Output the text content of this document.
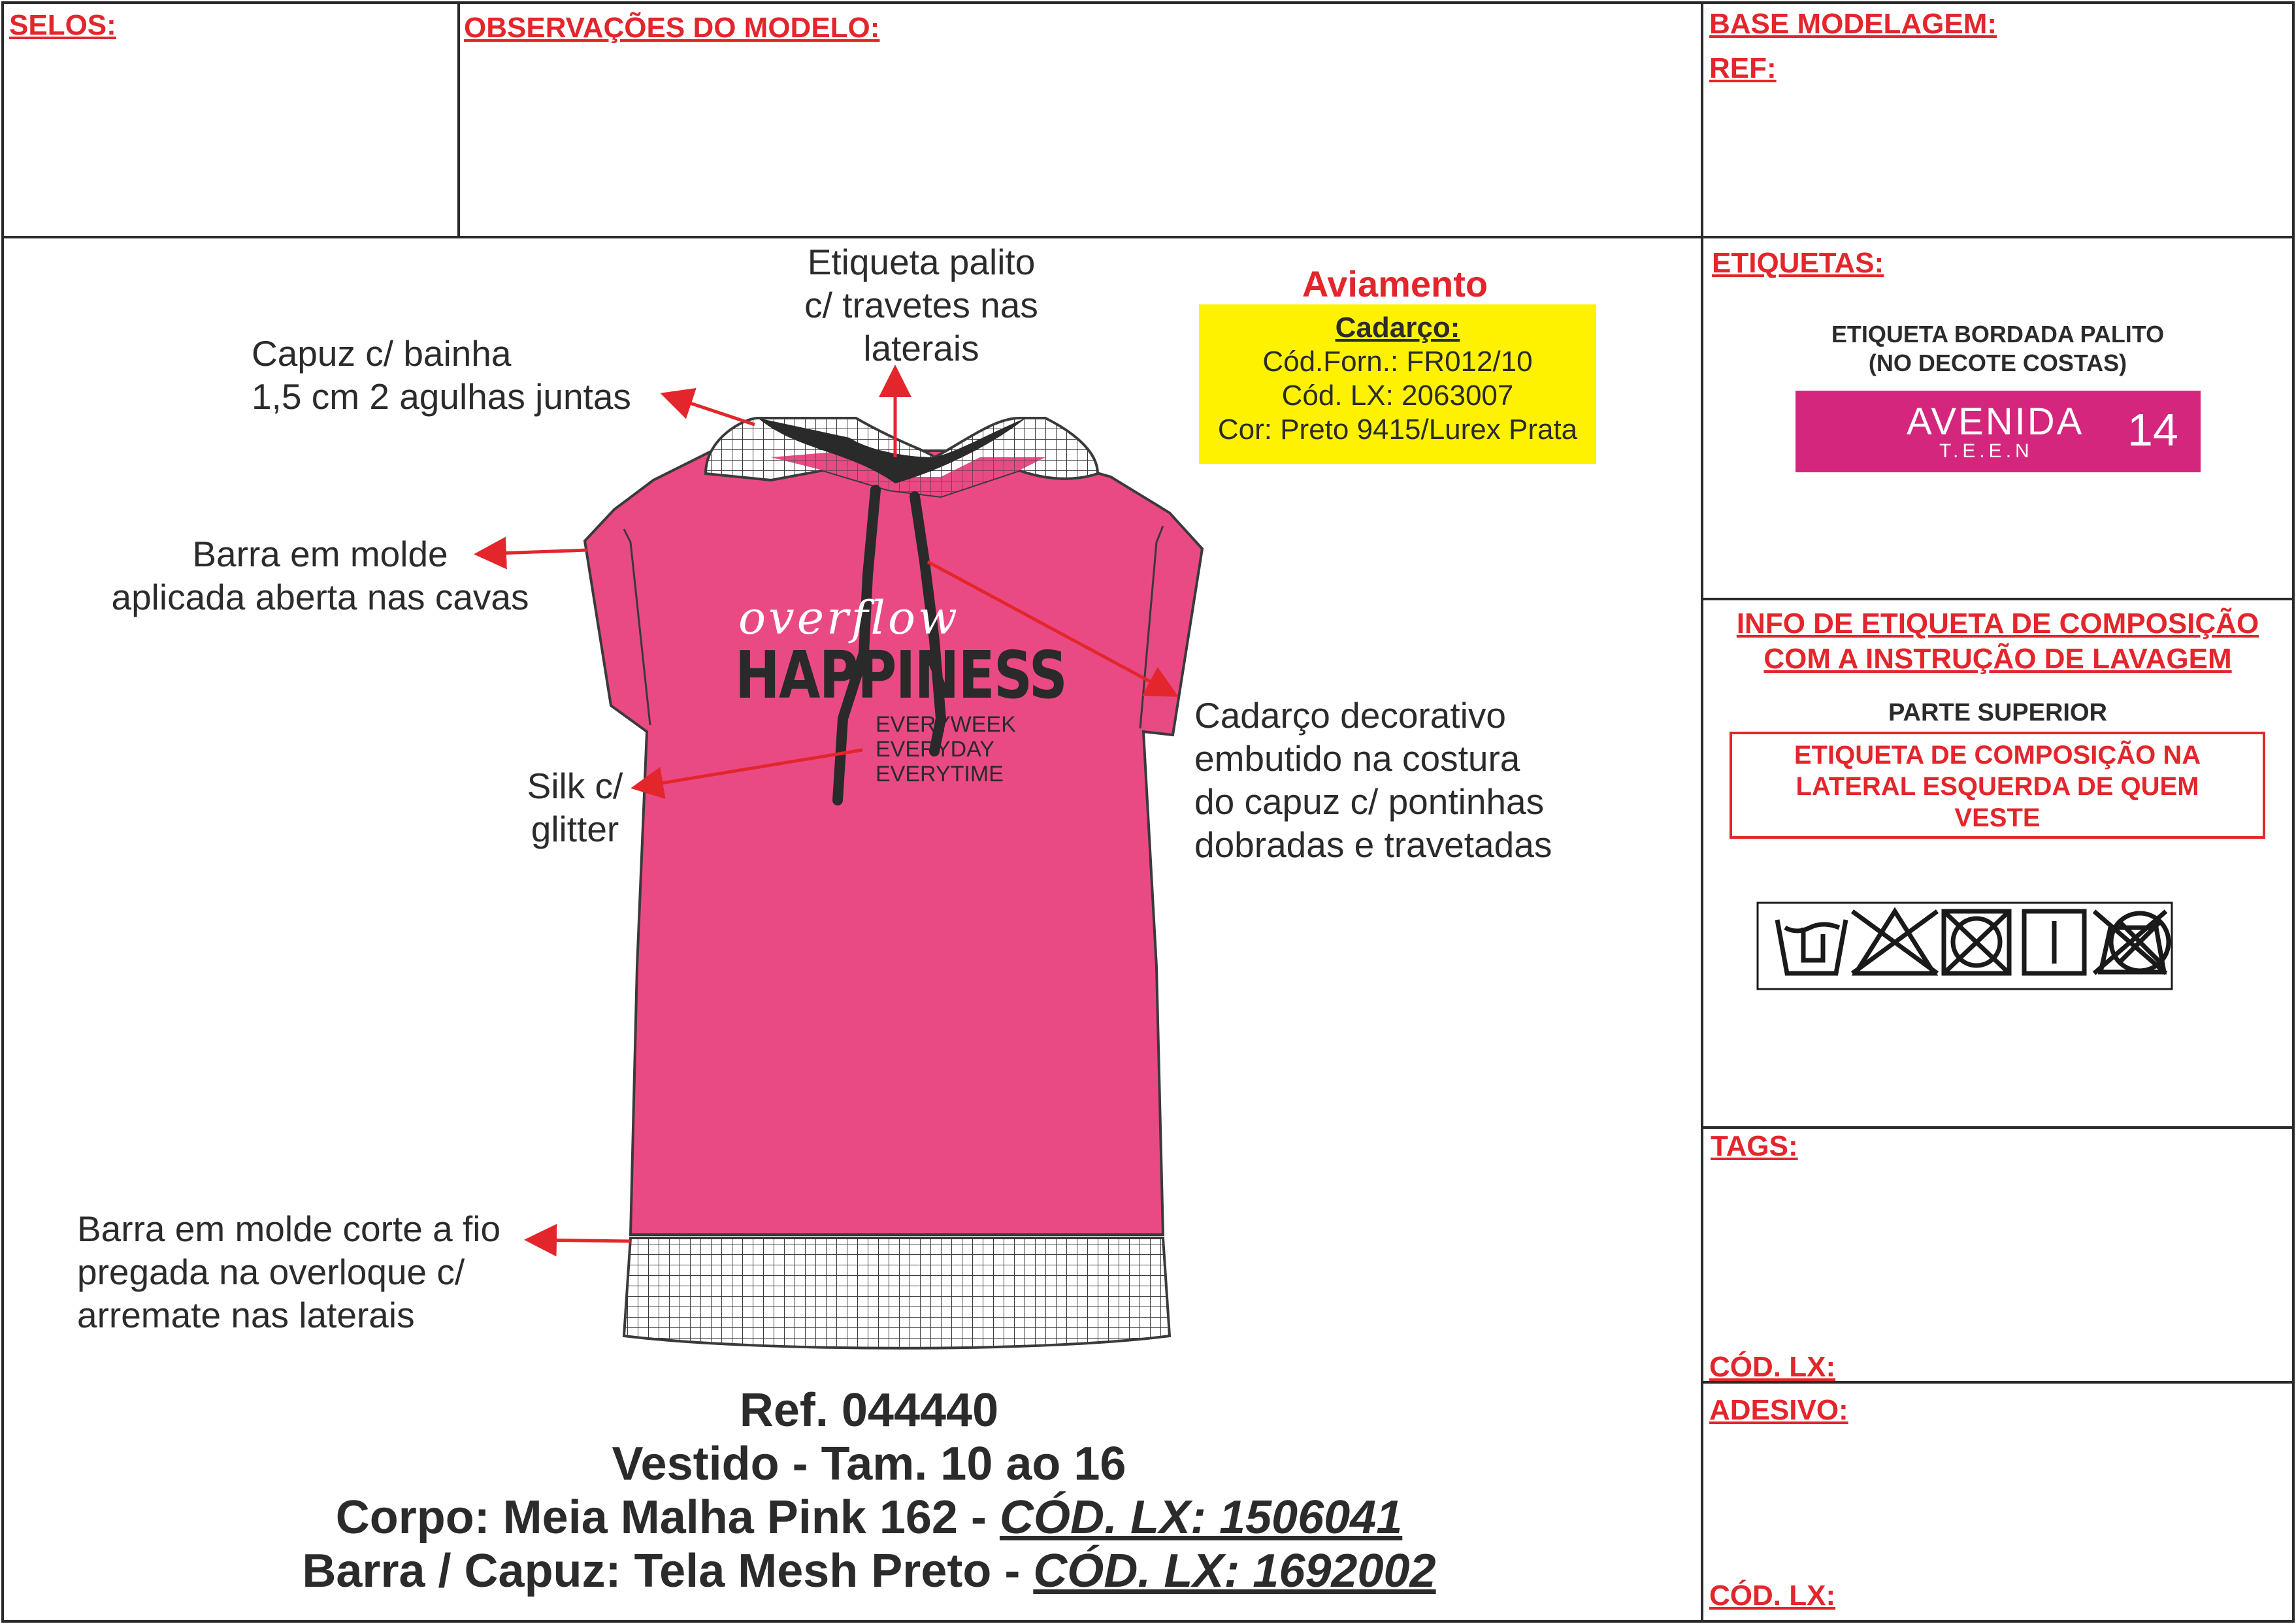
SELOS:	OBSERVAÇÕES DO MODELO:	BASE MODELAGEM:
REF:
overflow
HAPPINESS
EVERYWEEK
EVERYDAY
EVERYTIME
Etiqueta palito
c/ travetes nas
laterais
Capuz c/ bainha
1,5 cm 2 agulhas juntas
Barra em molde
aplicada aberta nas cavas
Cadarço decorativo
embutido na costura
do capuz c/ pontinhas
dobradas e travetadas
Silk c/
glitter
Barra em molde corte a fio
pregada na overloque c/
arremate nas laterais
Aviamento
Cadarço:
Cód.Forn.: FR012/10
Cód. LX: 2063007
Cor: Preto 9415/Lurex Prata
ETIQUETAS:
ETIQUETA BORDADA PALITO
(NO DECOTE COSTAS)
AVENIDA
T.E.E.N 14
INFO DE ETIQUETA DE COMPOSIÇÃO
COM A INSTRUÇÃO DE LAVAGEM
PARTE SUPERIOR
ETIQUETA DE COMPOSIÇÃO NA
LATERAL ESQUERDA DE QUEM
VESTE
TAGS:
CÓD. LX:
ADESIVO:
CÓD. LX:
Ref. 044440
Vestido - Tam. 10 ao 16
Corpo: Meia Malha Pink 162 - CÓD. LX: 1506041
Barra / Capuz: Tela Mesh Preto - CÓD. LX: 1692002
